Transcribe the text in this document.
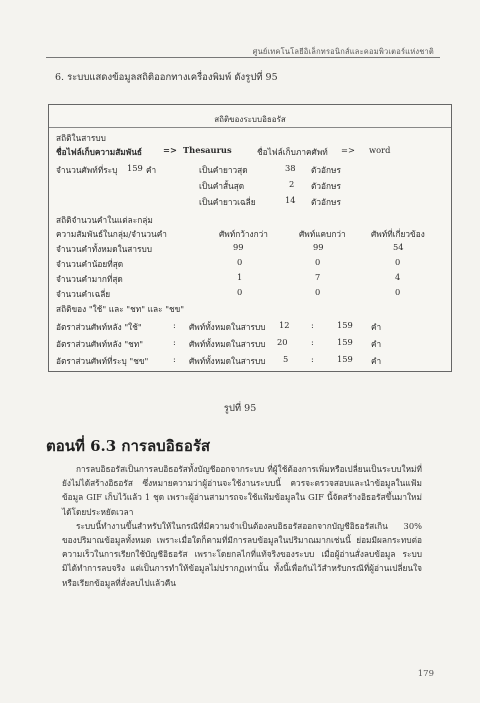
ศูนย์เทคโนโลยีอิเล็กทรอนิกส์และคอมพิวเตอร์แห่งชาติ
6. ระบบแสดงข้อมูลสถิติออกทางเครื่องพิมพ์ ดังรูปที่ 95
สถิติของระบบอิธอรัส
สถิติในสารบบ
ชื่อไฟล์เก็บความสัมพันธ์	=> Thesaurus	ชื่อไฟล์เก็บภาคศัพท์ => word
จำนวนศัพท์ที่ระบุ 159 คำ	เป็นคำยาวสุด	38 ตัวอักษร
เป็นคำสั้นสุด	2 ตัวอักษร
เป็นคำยาวเฉลี่ย	14 ตัวอักษร
สถิติจำนวนคำในแต่ละกลุ่ม
ความสัมพันธ์ในกลุ่ม/จำนวนคำ	ศัพท์กว้างกว่า	ศัพท์แคบกว่า	ศัพท์ที่เกี่ยวข้อง
จำนวนคำทั้งหมดในสารบบ	99	99	54
จำนวนคำน้อยที่สุด	0	0	0
จำนวนคำมากที่สุด	1	7	4
จำนวนคำเฉลี่ย	0	0	0
สถิติของ "ใช้" และ "ชท" และ "ชข"
อัตราส่วนศัพท์หลัง "ใช้"	: ศัพท์ทั้งหมดในสารบบ 12	:	159 คำ
อัตราส่วนศัพท์หลัง "ชท"	: ศัพท์ทั้งหมดในสารบบ 20	:	159 คำ
อัตราส่วนศัพท์ที่ระบุ "ชข"	: ศัพท์ทั้งหมดในสารบบ 5	:	159 คำ
รูปที่ 95
ตอนที่ 6.3 การลบอิธอรัส
การลบอิธอรัสเป็นการลบอิธอรัสทั้งบัญชีออกจากระบบ ที่ผู้ใช้ต้องการเพิ่มหรือเปลี่ยนเป็นระบบใหม่ที่ยังไม่ได้สร้างอิธอรัส ซึ่งหมายความว่าผู้อ่านจะใช้งานระบบนี้ ควรจะตรวจสอบและนำข้อมูลในแฟ้มข้อมูล GIF เก็บไว้แล้ว 1 ชุด เพราะผู้อ่านสามารถจะใช้แฟ้มข้อมูลใน GIF นี้จัดสร้างอิธอรัสขึ้นมาใหม่ได้โดยประหยัดเวลา
ระบบนี้ทำงานขึ้นสำหรับให้ในกรณีที่มีความจำเป็นต้องลบอิธอรัสออกจากบัญชีอิธอรัสเกิน 30% ของปริมาณข้อมูลทั้งหมด เพราะเมื่อใดก็ตามที่มีการลบข้อมูลในปริมาณมากเช่นนี้ ย่อมมีผลกระทบต่อความเร็วในการเรียกใช้บัญชีอิธอรัส เพราะโดยกลไกที่แท้จริงของระบบ เมื่อผู้อ่านสั่งลบข้อมูล ระบบมิได้ทำการลบจริง แต่เป็นการทำให้ข้อมูลไม่ปรากฏเท่านั้น ทั้งนี้เพื่อกันไว้สำหรับกรณีที่ผู้อ่านเปลี่ยนใจหรือเรียกข้อมูลที่สั่งลบไปแล้วคืน
179
